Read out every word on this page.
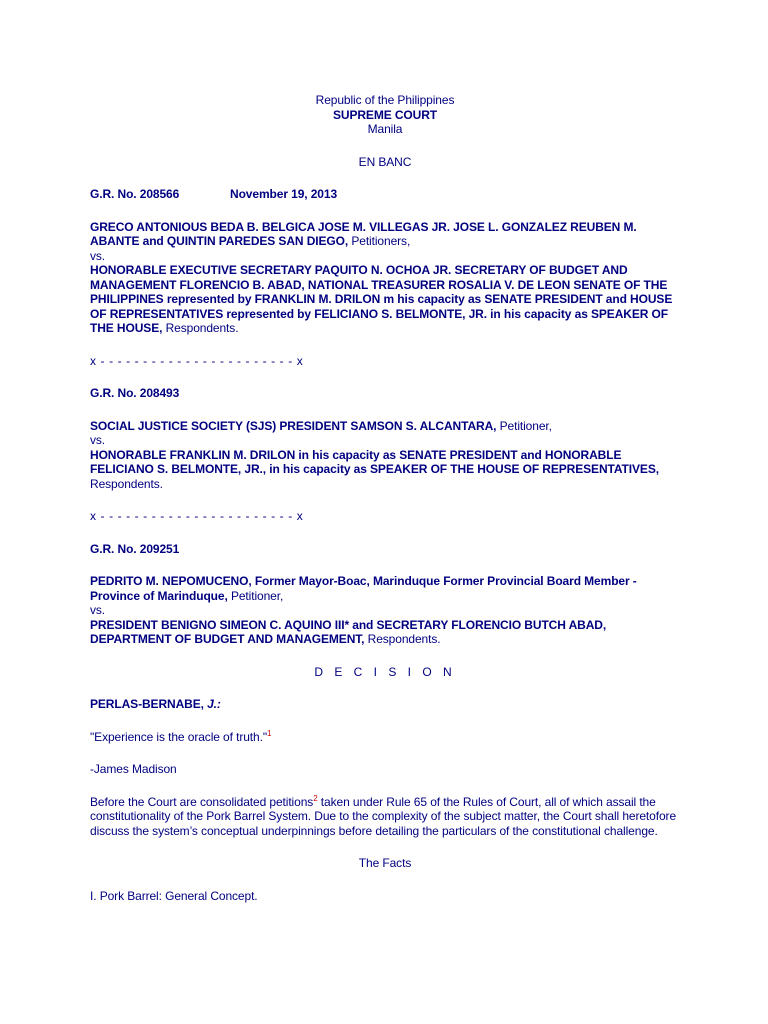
Republic of the Philippines

SUPREME COURT

Manila

EN BANC

G.R. No. 208566	November 19, 2013

GRECO ANTONIOUS BEDA B. BELGICA JOSE M. VILLEGAS JR. JOSE L. GONZALEZ REUBEN M. ABANTE and QUINTIN PAREDES SAN DIEGO, Petitioners,

vs.

HONORABLE EXECUTIVE SECRETARY PAQUITO N. OCHOA JR. SECRETARY OF BUDGET AND MANAGEMENT FLORENCIO B. ABAD, NATIONAL TREASURER ROSALIA V. DE LEON SENATE OF THE PHILIPPINES represented by FRANKLIN M. DRILON m his capacity as SENATE PRESIDENT and HOUSE OF REPRESENTATIVES represented by FELICIANO S. BELMONTE, JR. in his capacity as SPEAKER OF THE HOUSE, Respondents.

x - - - - - - - - - - - - - - - - - - - - - - - x

G.R. No. 208493

SOCIAL JUSTICE SOCIETY (SJS) PRESIDENT SAMSON S. ALCANTARA, Petitioner,

vs.

HONORABLE FRANKLIN M. DRILON in his capacity as SENATE PRESIDENT and HONORABLE FELICIANO S. BELMONTE, JR., in his capacity as SPEAKER OF THE HOUSE OF REPRESENTATIVES, Respondents.

x - - - - - - - - - - - - - - - - - - - - - - - x

G.R. No. 209251

PEDRITO M. NEPOMUCENO, Former Mayor-Boac, Marinduque Former Provincial Board Member -Province of Marinduque, Petitioner,

vs.

PRESIDENT BENIGNO SIMEON C. AQUINO III* and SECRETARY FLORENCIO BUTCH ABAD, DEPARTMENT OF BUDGET AND MANAGEMENT, Respondents.

D E C I S I O N

PERLAS-BERNABE, J.:

"Experience is the oracle of truth."$^1$

-James Madison

Before the Court are consolidated petitions$^2$ taken under Rule 65 of the Rules of Court, all of which assail the constitutionality of the Pork Barrel System. Due to the complexity of the subject matter, the Court shall heretofore discuss the system’s conceptual underpinnings before detailing the particulars of the constitutional challenge.

The Facts

I. Pork Barrel: General Concept.
